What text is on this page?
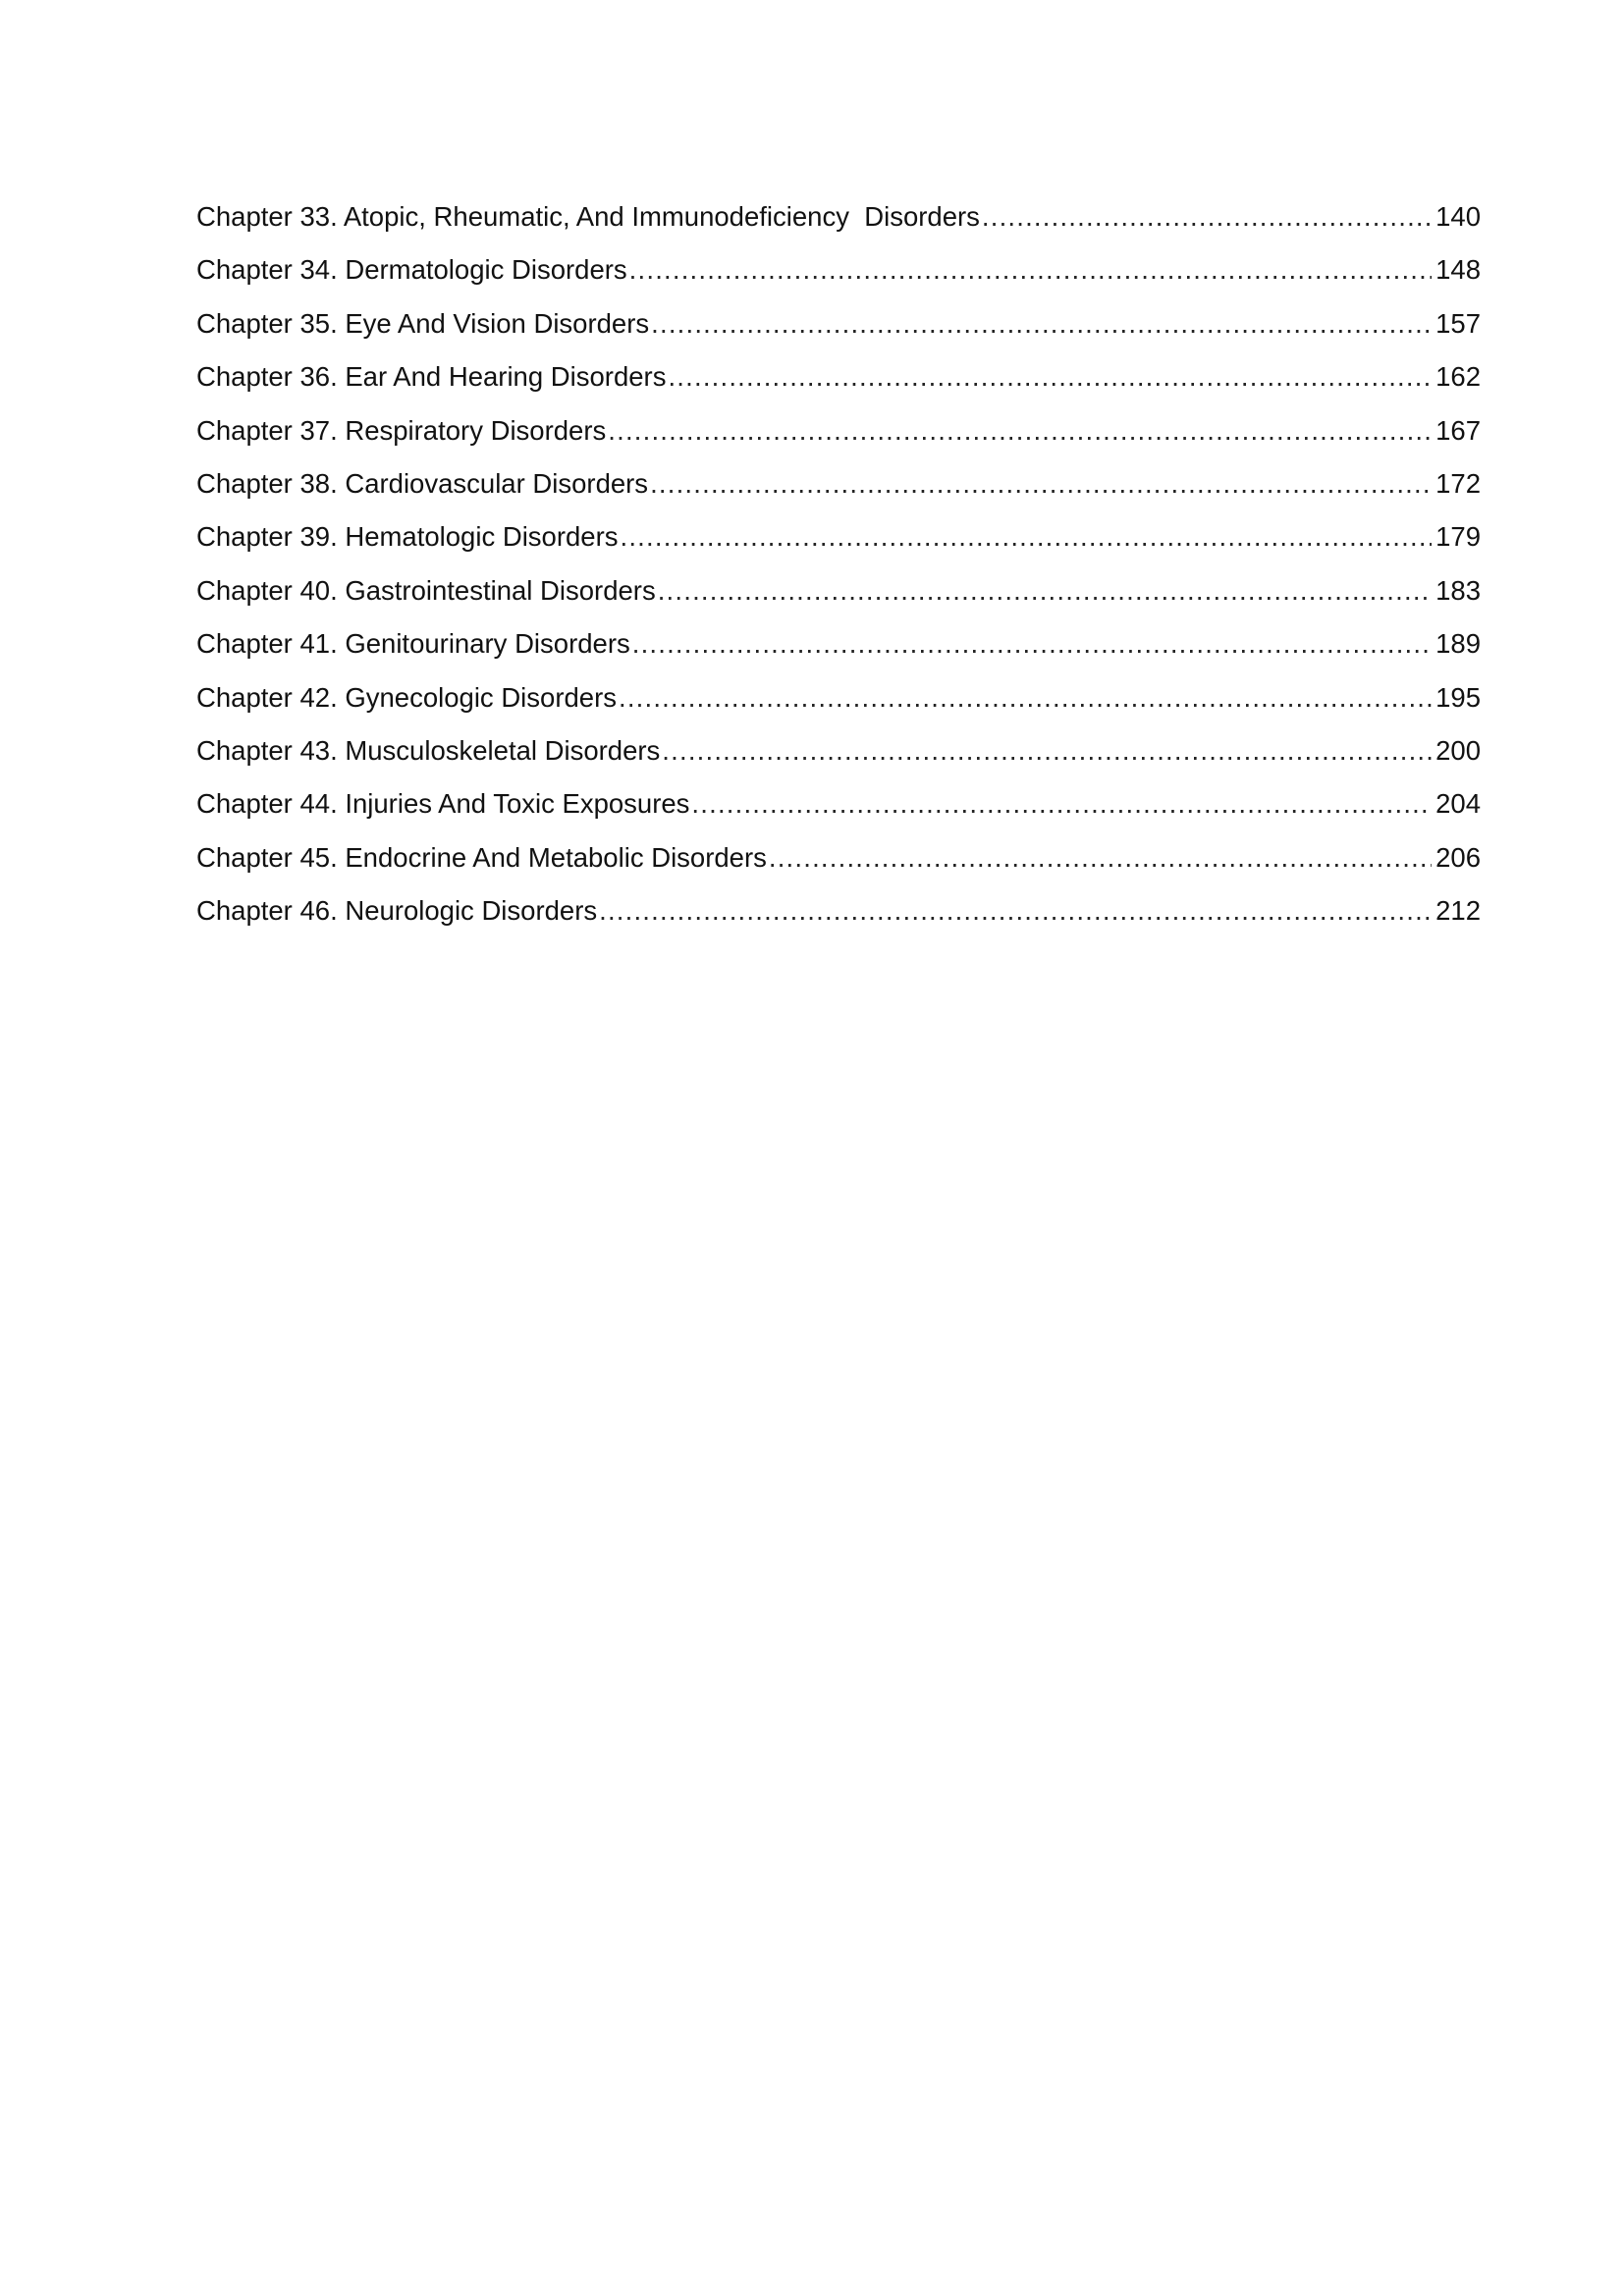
Chapter 33. Atopic, Rheumatic, And Immunodeficiency  Disorders .....	140
Chapter 34. Dermatologic Disorders .....	148
Chapter 35. Eye And Vision Disorders .....	157
Chapter 36. Ear And Hearing Disorders .....	162
Chapter 37. Respiratory Disorders .....	167
Chapter 38. Cardiovascular Disorders .....	172
Chapter 39. Hematologic Disorders .....	179
Chapter 40. Gastrointestinal Disorders .....	183
Chapter 41. Genitourinary Disorders .....	189
Chapter 42. Gynecologic Disorders .....	195
Chapter 43. Musculoskeletal Disorders .....	200
Chapter 44. Injuries And Toxic Exposures .....	204
Chapter 45. Endocrine And Metabolic Disorders .....	206
Chapter 46. Neurologic Disorders .....	212
